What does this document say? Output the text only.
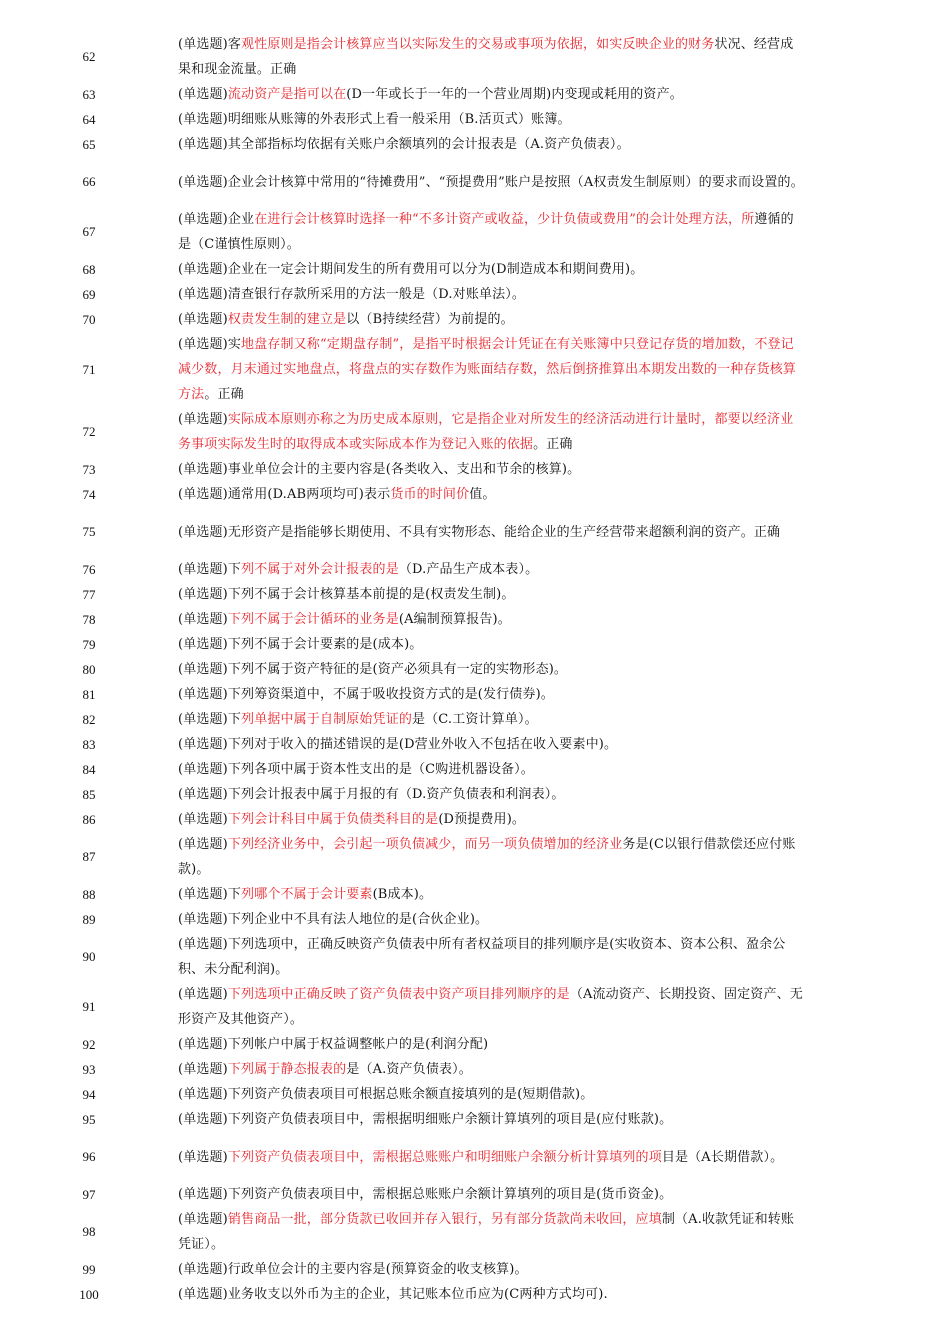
62
(单选题)客观性原则是指会计核算应当以实际发生的交易或事项为依据，如实反映企业的财务状况、经营成果和现金流量。正确
63	(单选题)流动资产是指可以在(D一年或长于一年的一个营业周期)内变现或耗用的资产。
64	(单选题)明细账从账簿的外表形式上看一般采用（B.活页式）账簿。
65	(单选题)其全部指标均依据有关账户余额填列的会计报表是（A.资产负债表）。
66	(单选题)企业会计核算中常用的“待摊费用”、“预提费用”账户是按照（A权责发生制原则）的要求而设置的。
67
(单选题)企业在进行会计核算时选择一种“不多计资产或收益，少计负债或费用”的会计处理方法，所遵循的是（C谨慎性原则）。
68	(单选题)企业在一定会计期间发生的所有费用可以分为(D制造成本和期间费用)。
69	(单选题)清查银行存款所采用的方法一般是（D.对账单法）。
70	(单选题)权责发生制的建立是以（B持续经营）为前提的。
71
(单选题)实地盘存制又称“定期盘存制”，是指平时根据会计凭证在有关账簿中只登记存货的增加数，不登记减少数，月末通过实地盘点，将盘点的实存数作为账面结存数，然后倒挤推算出本期发出数的一种存货核算方法。正确
72
(单选题)实际成本原则亦称之为历史成本原则，它是指企业对所发生的经济活动进行计量时，都要以经济业务事项实际发生时的取得成本或实际成本作为登记入账的依据。正确
73	(单选题)事业单位会计的主要内容是(各类收入、支出和节余的核算)。
74	(单选题)通常用(D.AB两项均可)表示货币的时间价值。
75	(单选题)无形资产是指能够长期使用、不具有实物形态、能给企业的生产经营带来超额利润的资产。正确
76	(单选题)下列不属于对外会计报表的是（D.产品生产成本表）。
77	(单选题)下列不属于会计核算基本前提的是(权责发生制)。
78	(单选题)下列不属于会计循环的业务是(A编制预算报告)。
79	(单选题)下列不属于会计要素的是(成本)。
80	(单选题)下列不属于资产特征的是(资产必须具有一定的实物形态)。
81	(单选题)下列筹资渠道中，不属于吸收投资方式的是(发行债券)。
82	(单选题)下列单据中属于自制原始凭证的是（C.工资计算单）。
83	(单选题)下列对于收入的描述错误的是(D营业外收入不包括在收入要素中)。
84	(单选题)下列各项中属于资本性支出的是（C购进机器设备）。
85	(单选题)下列会计报表中属于月报的有（D.资产负债表和利润表）。
86	(单选题)下列会计科目中属于负债类科目的是(D预提费用)。
87
(单选题)下列经济业务中，会引起一项负债减少，而另一项负债增加的经济业务是(C以银行借款偿还应付账款)。
88	(单选题)下列哪个不属于会计要素(B成本)。
89	(单选题)下列企业中不具有法人地位的是(合伙企业)。
90
(单选题)下列选项中，正确反映资产负债表中所有者权益项目的排列顺序是(实收资本、资本公积、盈余公积、未分配利润)。
91
(单选题)下列选项中正确反映了资产负债表中资产项目排列顺序的是（A流动资产、长期投资、固定资产、无形资产及其他资产）。
92	(单选题)下列帐户中属于权益调整帐户的是(利润分配)
93	(单选题)下列属于静态报表的是（A.资产负债表）。
94	(单选题)下列资产负债表项目可根据总账余额直接填列的是(短期借款)。
95	(单选题)下列资产负债表项目中，需根据明细账户余额计算填列的项目是(应付账款)。
96	(单选题)下列资产负债表项目中，需根据总账账户和明细账户余额分析计算填列的项目是（A长期借款）。
97	(单选题)下列资产负债表项目中，需根据总账账户余额计算填列的项目是(货币资金)。
98
(单选题)销售商品一批，部分货款已收回并存入银行，另有部分货款尚未收回，应填制（A.收款凭证和转账凭证）。
99	(单选题)行政单位会计的主要内容是(预算资金的收支核算)。
100	(单选题)业务收支以外币为主的企业，其记账本位币应为(C两种方式均可).
